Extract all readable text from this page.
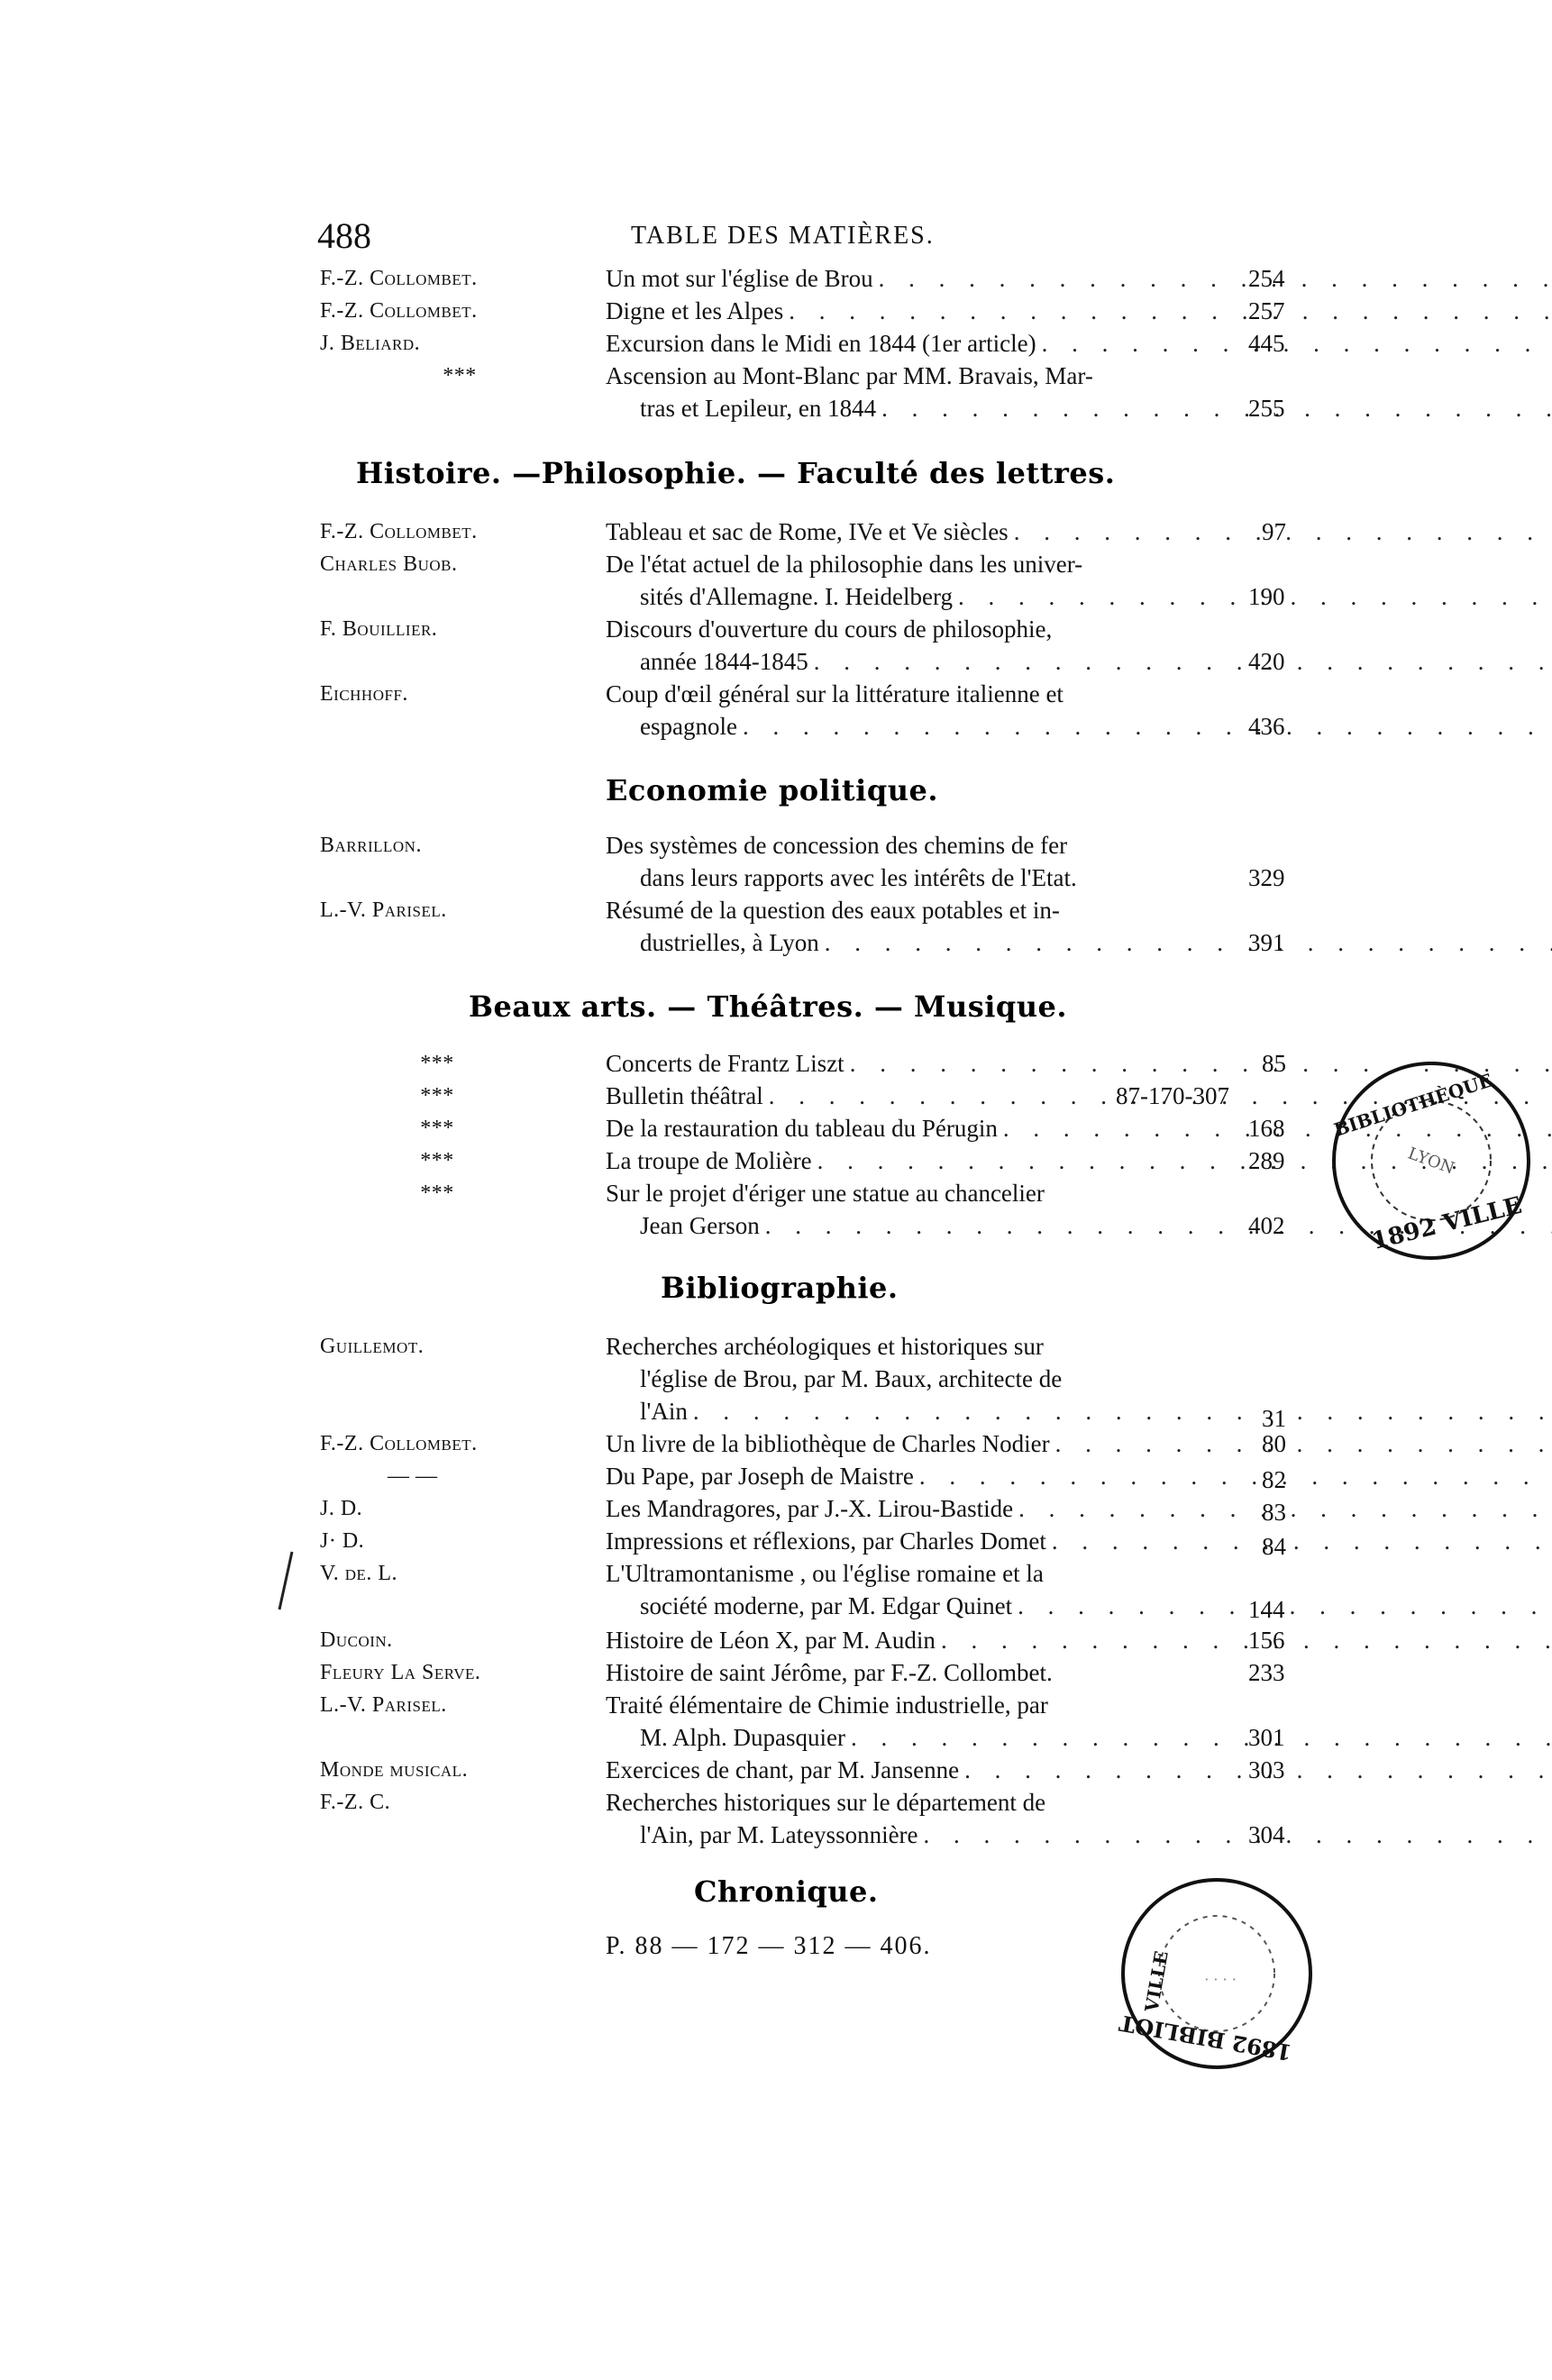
488	TABLE DES MATIÈRES.
F.-Z. Collombet.	Un mot sur l'église de Brou . . .	254
F.-Z. Collombet.	Digne et les Alpes . . .	257
J. Beliard.	Excursion dans le Midi en 1844 (1er article) . . .	445
***	Ascension au Mont-Blanc par MM. Bravais, Mar-
tras et Lepileur, en 1844 . . .	255
Histoire. —Philosophie. — Faculté des lettres.
F.-Z. Collombet.	Tableau et sac de Rome, IVe et Ve siècles . . .	97
Charles Buob.	De l'état actuel de la philosophie dans les univer-
sités d'Allemagne. I. Heidelberg . . .	190
F. Bouillier.	Discours d'ouverture du cours de philosophie,
année 1844-1845 . . .	420
Eichhoff.	Coup d'œil général sur la littérature italienne et
espagnole . . .	436
Economie politique.
Barrillon.	Des systèmes de concession des chemins de fer
dans leurs rapports avec les intérêts de l'Etat.	329
L.-V. Parisel.	Résumé de la question des eaux potables et in-
dustrielles, à Lyon . . .	391
Beaux arts. — Théâtres. — Musique.
***	Concerts de Frantz Liszt . . .	85
***	Bulletin théâtral . . .	87-170-307
***	De la restauration du tableau du Pérugin . . .	168
***	La troupe de Molière . . .	289
***	Sur le projet d'ériger une statue au chancelier
Jean Gerson . . .	402
Bibliographie.
Guillemot.	Recherches archéologiques et historiques sur
l'église de Brou, par M. Baux, architecte de
l'Ain . . .	31
F.-Z. Collombet.	Un livre de la bibliothèque de Charles Nodier . . .	80
— —	Du Pape, par Joseph de Maistre . . .	82
J. D.	Les Mandragores, par J.-X. Lirou-Bastide . . .	83
J· D.	Impressions et réflexions, par Charles Domet . . .	84
V. de. L.	L'Ultramontanisme , ou l'église romaine et la
société moderne, par M. Edgar Quinet . . .	144
Ducoin.	Histoire de Léon X, par M. Audin . . .	156
Fleury La Serve.	Histoire de saint Jérôme, par F.-Z. Collombet.	233
L.-V. Parisel.	Traité élémentaire de Chimie industrielle, par
M. Alph. Dupasquier . . .	301
Monde musical.	Exercices de chant, par M. Jansenne . . .	303
F.-Z. C.	Recherches historiques sur le département de
l'Ain, par M. Lateyssonnière . . .	304
Chronique.
P. 88 — 172 — 312 — 406.
BIBLIOTHÈQUE
LYON
1892 VILLE
1892 BIBLIOT
VILLE · · · ·
